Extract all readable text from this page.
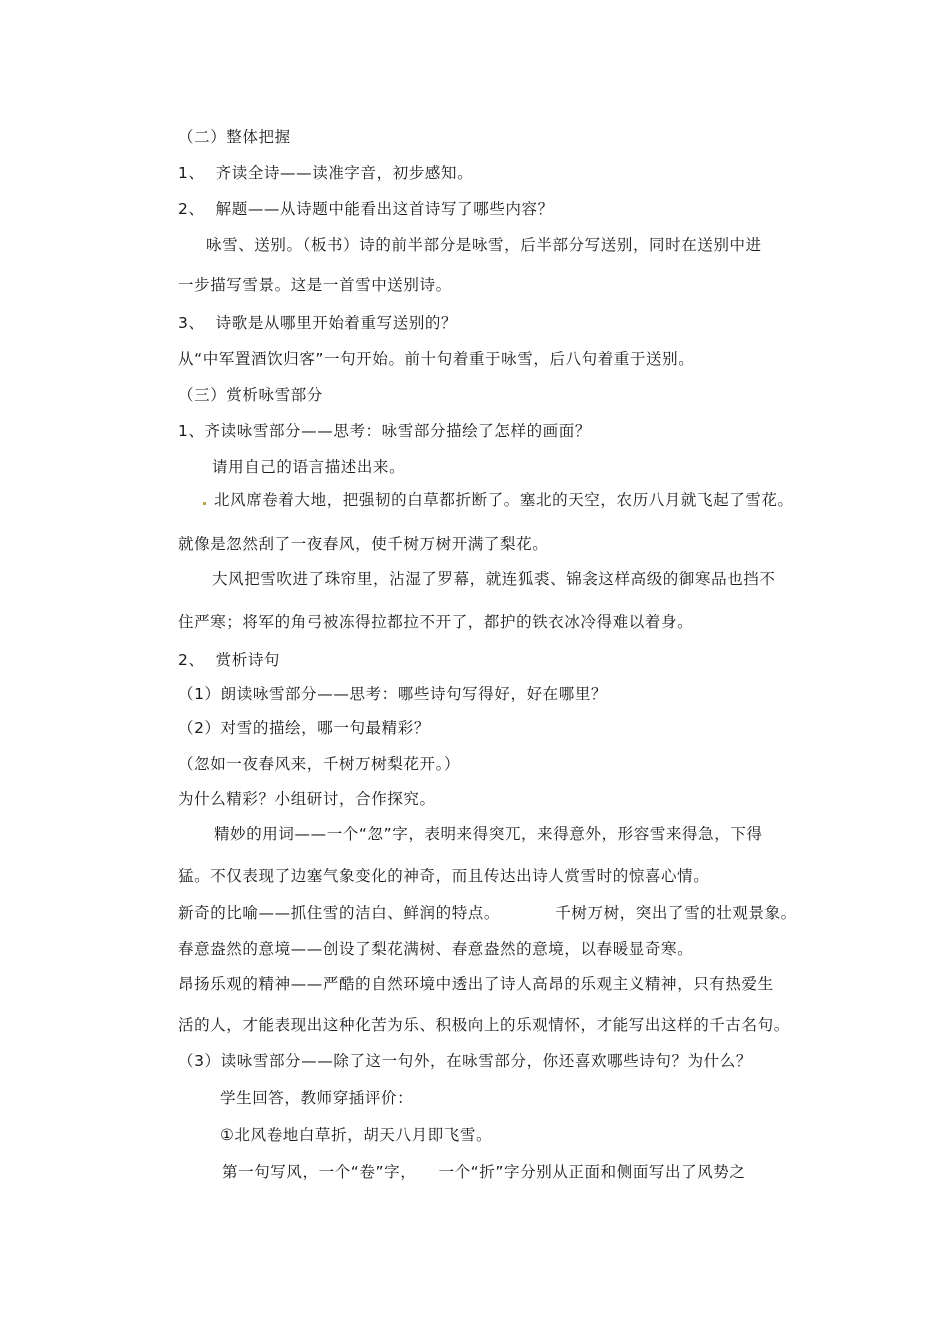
（二）整体把握
1、  齐读全诗——读准字音，初步感知。
2、  解题——从诗题中能看出这首诗写了哪些内容？
咏雪、送别。（板书）诗的前半部分是咏雪，后半部分写送别，同时在送别中进
一步描写雪景。这是一首雪中送别诗。
3、  诗歌是从哪里开始着重写送别的？
从“中军置酒饮归客”一句开始。前十句着重于咏雪，后八句着重于送别。
（三）赏析咏雪部分
1、齐读咏雪部分——思考：咏雪部分描绘了怎样的画面？
请用自己的语言描述出来。
北风席卷着大地，把强韧的白草都折断了。塞北的天空，农历八月就飞起了雪花。
就像是忽然刮了一夜春风，使千树万树开满了梨花。
大风把雪吹进了珠帘里，沾湿了罗幕，就连狐裘、锦衾这样高级的御寒品也挡不
住严寒；将军的角弓被冻得拉都拉不开了，都护的铁衣冰冷得难以着身。
2、  赏析诗句
（1）朗读咏雪部分——思考：哪些诗句写得好，好在哪里？
（2）对雪的描绘，哪一句最精彩？
（忽如一夜春风来，千树万树梨花开。）
为什么精彩？小组研讨，合作探究。
精妙的用词——一个“忽”字，表明来得突兀，来得意外，形容雪来得急，下得
猛。不仅表现了边塞气象变化的神奇，而且传达出诗人赏雪时的惊喜心情。
新奇的比喻——抓住雪的洁白、鲜润的特点。          千树万树，突出了雪的壮观景象。
春意盎然的意境——创设了梨花满树、春意盎然的意境，以春暖显奇寒。
昂扬乐观的精神——严酷的自然环境中透出了诗人高昂的乐观主义精神，只有热爱生
活的人，才能表现出这种化苦为乐、积极向上的乐观情怀，才能写出这样的千古名句。
（3）读咏雪部分——除了这一句外，在咏雪部分，你还喜欢哪些诗句？为什么？
学生回答，教师穿插评价：
①北风卷地白草折，胡天八月即飞雪。
第一句写风，一个“卷”字，    一个“折”字分别从正面和侧面写出了风势之
